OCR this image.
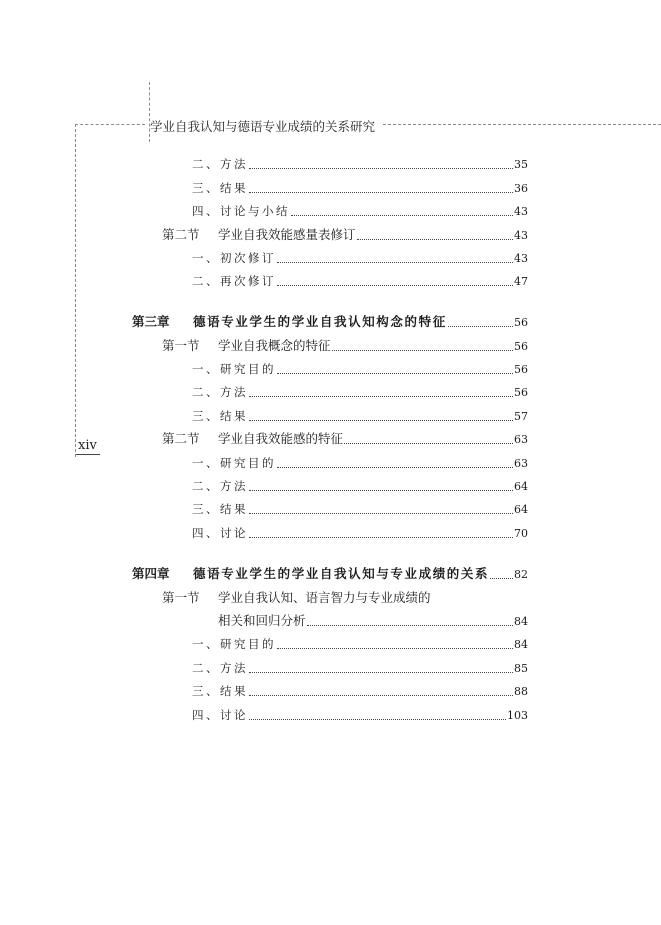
学业自我认知与德语专业成绩的关系研究
xiv
二、方法	35
三、结果	36
四、讨论与小结	43
第二节 学业自我效能感量表修订	43
一、初次修订	43
二、再次修订	47
第三章 德语专业学生的学业自我认知构念的特征	56
第一节 学业自我概念的特征	56
一、研究目的	56
二、方法	56
三、结果	57
第二节 学业自我效能感的特征	63
一、研究目的	63
二、方法	64
三、结果	64
四、讨论	70
第四章 德语专业学生的学业自我认知与专业成绩的关系 82
第一节 学业自我认知、语言智力与专业成绩的
相关和回归分析	84
一、研究目的	84
二、方法	85
三、结果	88
四、讨论	103
